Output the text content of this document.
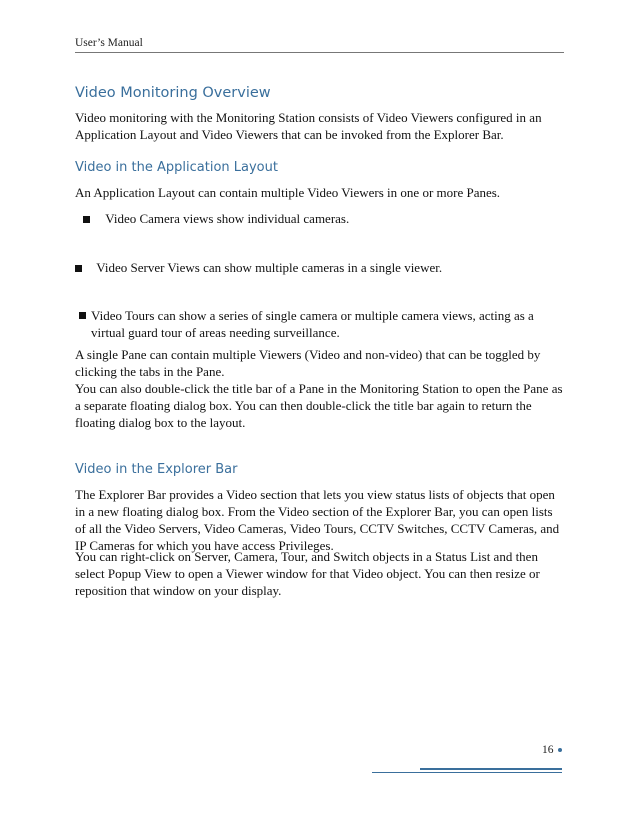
User’s Manual
Video Monitoring Overview

Video monitoring with the Monitoring Station consists of Video Viewers configured in an Application Layout and Video Viewers that can be invoked from the Explorer Bar.

Video in the Application Layout

An Application Layout can contain multiple Video Viewers in one or more Panes.

Video Camera views show individual cameras.
Video Server Views can show multiple cameras in a single viewer.
Video Tours can show a series of single camera or multiple camera views, acting as a virtual guard tour of areas needing surveillance.

A single Pane can contain multiple Viewers (Video and non-video) that can be toggled by clicking the tabs in the Pane.

You can also double-click the title bar of a Pane in the Monitoring Station to open the Pane as a separate floating dialog box. You can then double-click the title bar again to return the floating dialog box to the layout.

Video in the Explorer Bar

The Explorer Bar provides a Video section that lets you view status lists of objects that open in a new floating dialog box. From the Video section of the Explorer Bar, you can open lists of all the Video Servers, Video Cameras, Video Tours, CCTV Switches, CCTV Cameras, and IP Cameras for which you have access Privileges.

You can right-click on Server, Camera, Tour, and Switch objects in a Status List and then select Popup View to open a Viewer window for that Video object. You can then resize or reposition that window on your display.

16
